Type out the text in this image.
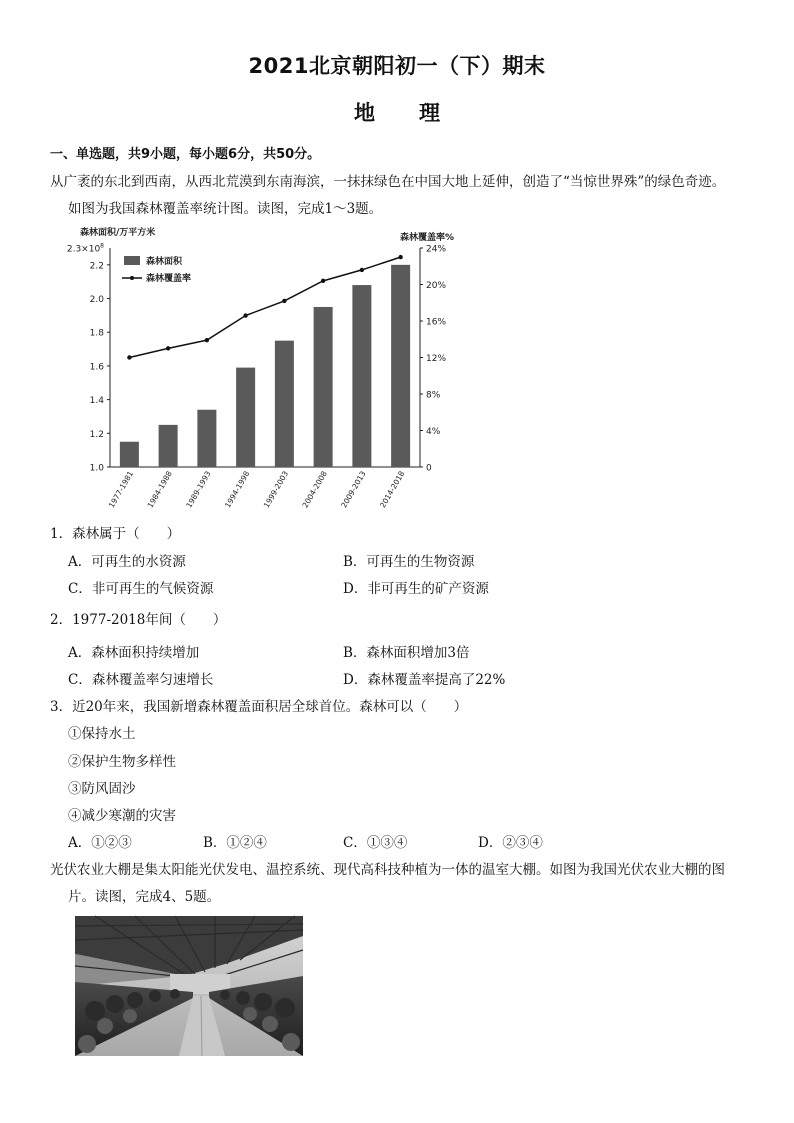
2021北京朝阳初一（下）期末
地理
一、单选题，共9小题，每小题6分，共50分。
从广袤的东北到西南，从西北荒漠到东南海滨，一抹抹绿色在中国大地上延伸，创造了“当惊世界殊”的绿色奇迹。
如图为我国森林覆盖率统计图。读图，完成1～3题。
1.0
1.2
1.4
1.6
1.8
2.0
2.2
$2.3\times 10^8$
0
4%
8%
12%
16%
20%
24%
森林面积/万平方米	森林覆盖率%
1977-1981 1984-1988 1989-1993 1994-1998 1999-2003 2004-2008 2009-2013 2014-2018
森林面积
森林覆盖率
1．森林属于（　　）
A．可再生的水资源	B．可再生的生物资源
C．非可再生的气候资源	D．非可再生的矿产资源
2．1977-2018年间（　　）
A．森林面积持续增加	B．森林面积增加3倍
C．森林覆盖率匀速增长	D．森林覆盖率提高了22%
3．近20年来，我国新增森林覆盖面积居全球首位。森林可以（　　）
①保持水土
②保护生物多样性
③防风固沙
④减少寒潮的灾害
A．①②③	B．①②④	C．①③④	D．②③④
光伏农业大棚是集太阳能光伏发电、温控系统、现代高科技种植为一体的温室大棚。如图为我国光伏农业大棚的图
片。读图，完成4、5题。
